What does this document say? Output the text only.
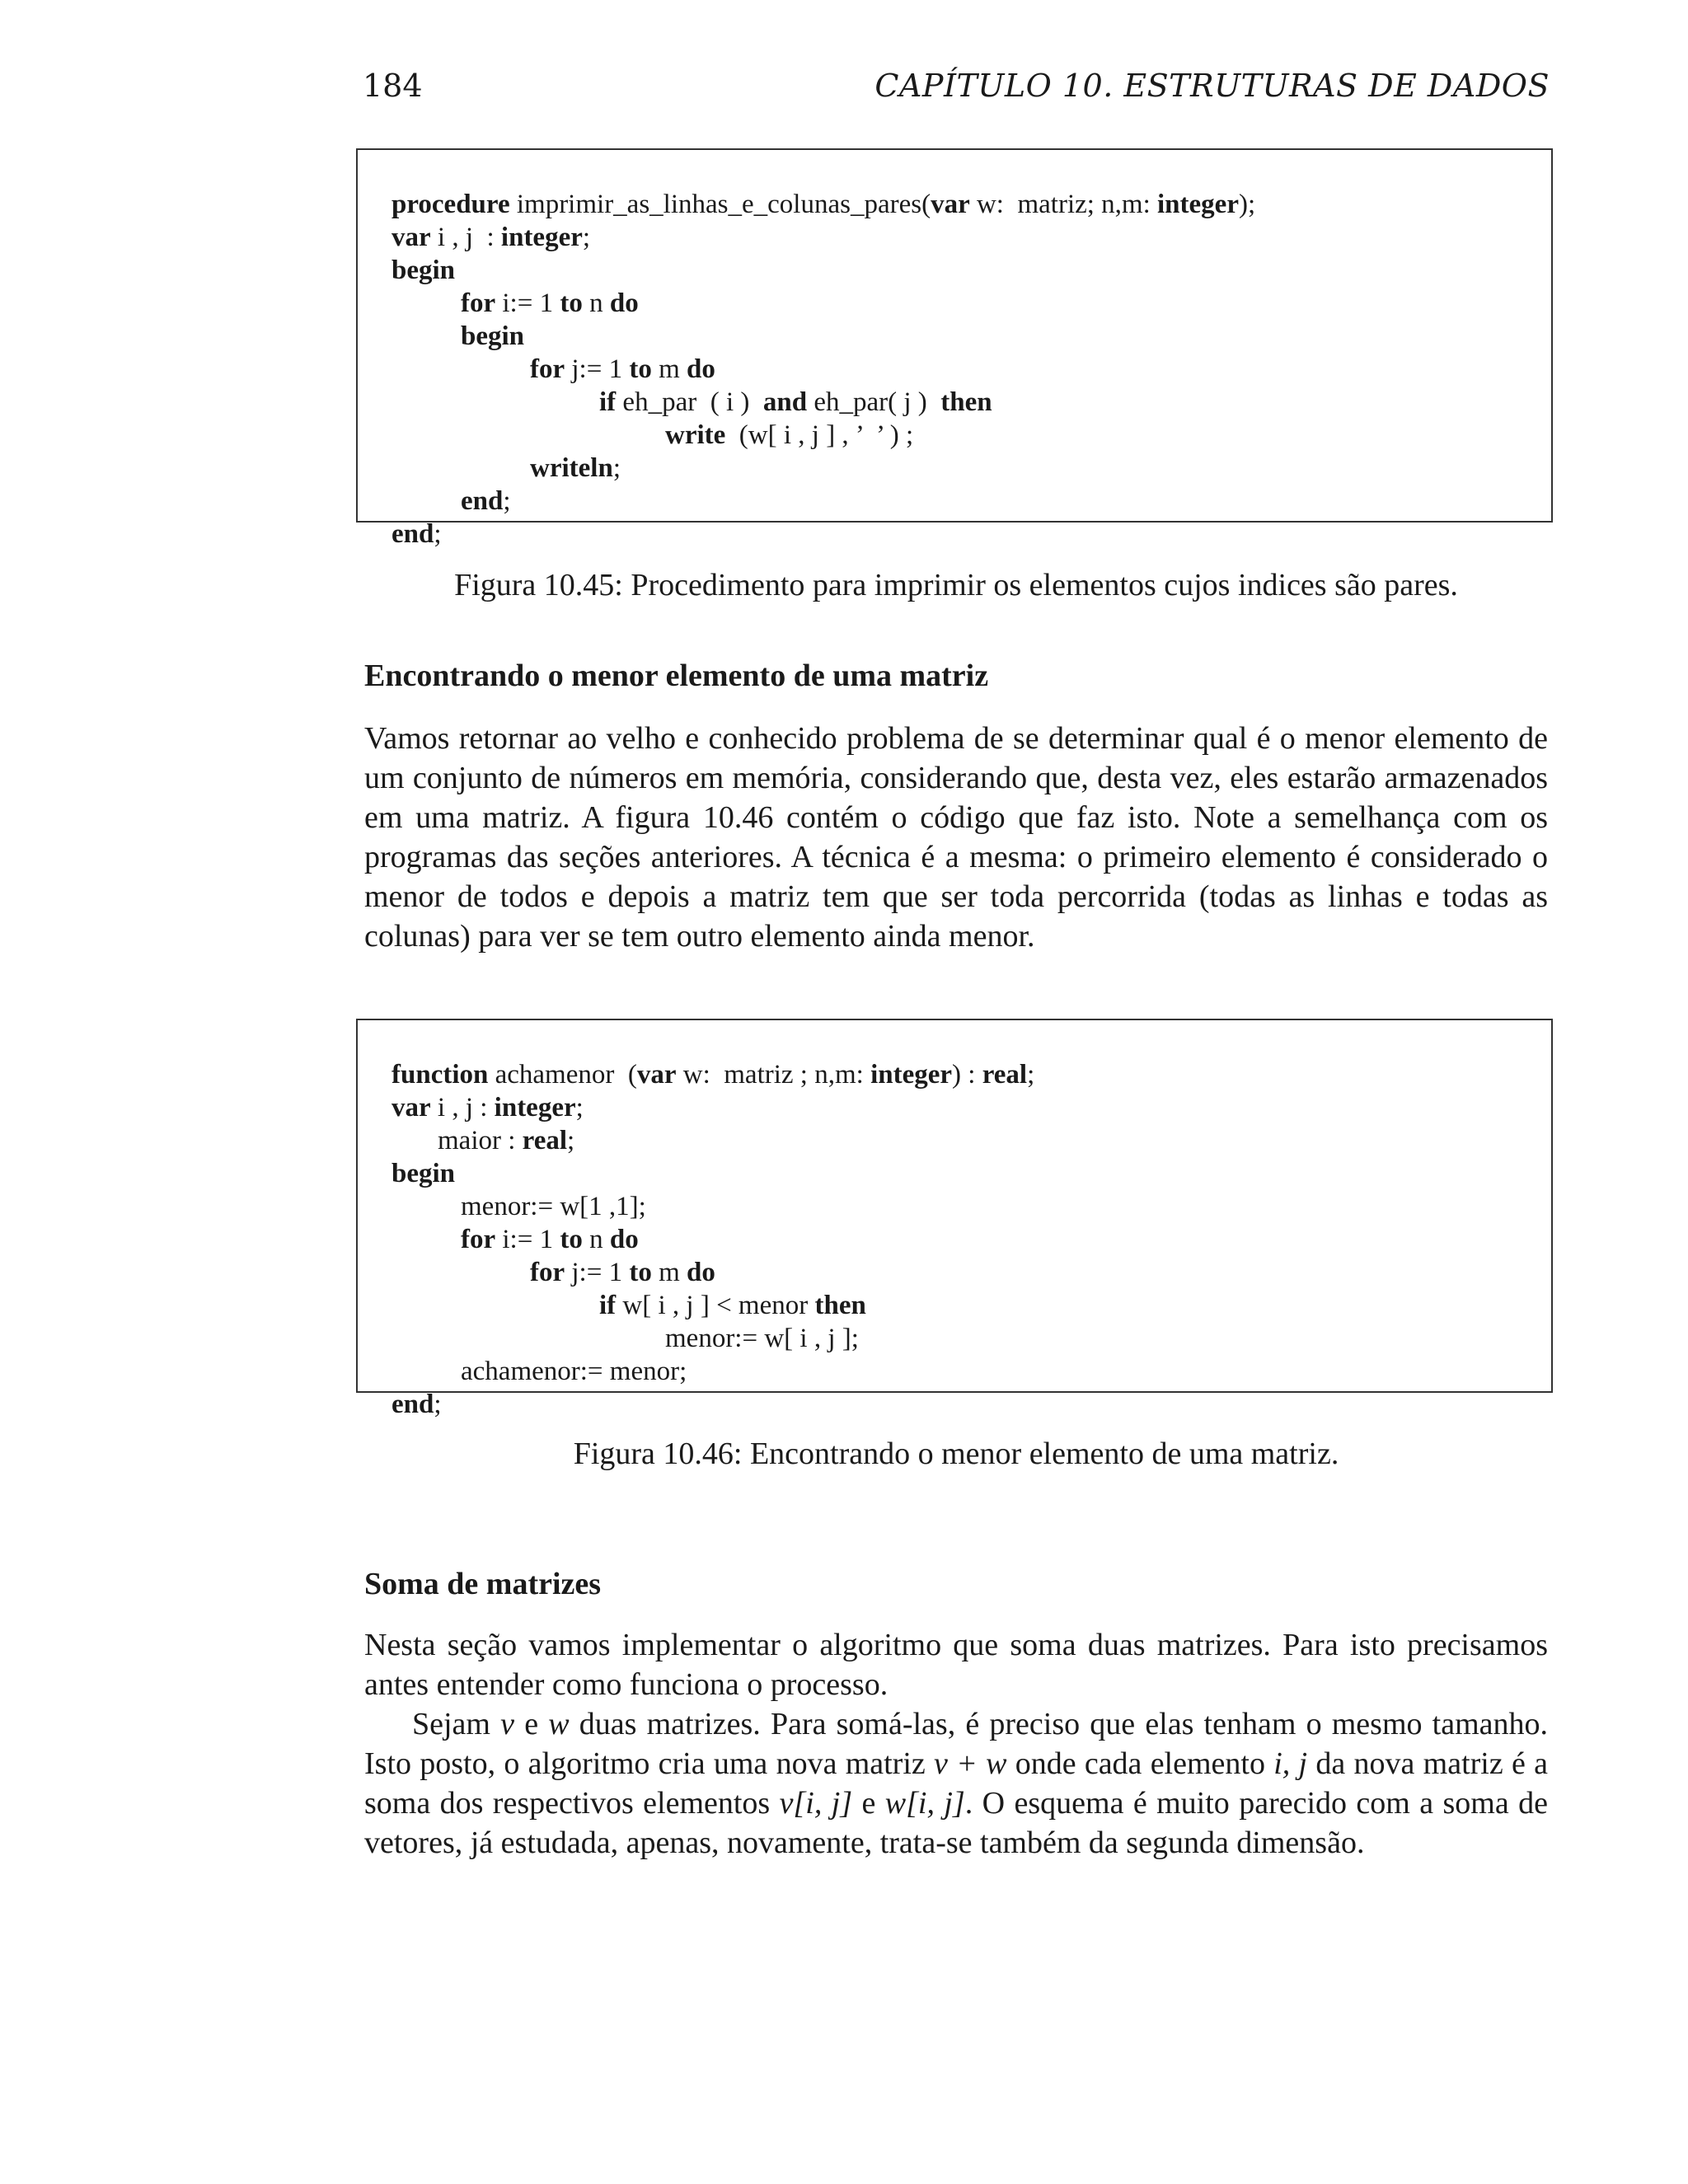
184	CAPÍTULO 10. ESTRUTURAS DE DADOS

procedure imprimir_as_linhas_e_colunas_pares(var w:  matriz; n,m: integer);

var i , j  : integer;

begin

for i:= 1 to n do

begin

for j:= 1 to m do

if eh_par  ( i )  and eh_par( j )  then

write  (w[ i , j ] , ’  ’ ) ;

writeln;

end;

end;

Figura 10.45: Procedimento para imprimir os elementos cujos indices são pares.
Encontrando o menor elemento de uma matriz

Vamos retornar ao velho e conhecido problema de se determinar qual é o menor elemento de um conjunto de números em memória, considerando que, desta vez, eles estarão armazenados em uma matriz. A figura 10.46 contém o código que faz isto. Note a semelhança com os programas das seções anteriores. A técnica é a mesma: o primeiro elemento é considerado o menor de todos e depois a matriz tem que ser toda percorrida (todas as linhas e todas as colunas) para ver se tem outro elemento ainda menor.

function achamenor  (var w:  matriz ; n,m: integer) : real;

var i , j : integer;

maior : real;

begin

menor:= w[1 ,1];

for i:= 1 to n do

for j:= 1 to m do

if w[ i , j ] < menor then

menor:= w[ i , j ];

achamenor:= menor;

end;

Figura 10.46: Encontrando o menor elemento de uma matriz.
Soma de matrizes

Nesta seção vamos implementar o algoritmo que soma duas matrizes. Para isto precisamos antes entender como funciona o processo.

Sejam v e w duas matrizes. Para somá-las, é preciso que elas tenham o mesmo tamanho. Isto posto, o algoritmo cria uma nova matriz v + w onde cada elemento i, j da nova matriz é a soma dos respectivos elementos v[i, j] e w[i, j]. O esquema é muito parecido com a soma de vetores, já estudada, apenas, novamente, trata-se também da segunda dimensão.
